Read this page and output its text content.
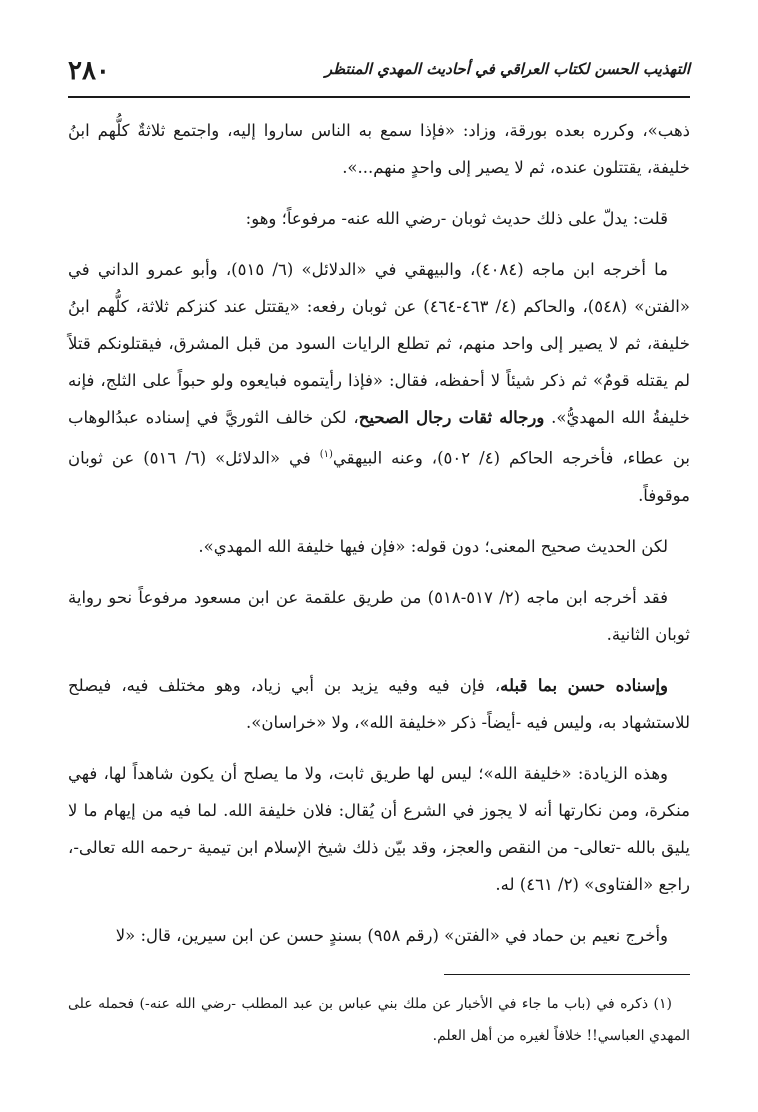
٢٨٠	التهذيب الحسن لكتاب العراقي في أحاديث المهدي المنتظر

ذهب»، وكرره بعده بورقة، وزاد: «فإذا سمع به الناس ساروا إليه، واجتمع ثلاثةٌ كلُّهم ابنُ خليفة، يقتتلون عنده، ثم لا يصير إلى واحدٍ منهم...».

قلت: يدلّ على ذلك حديث ثوبان -رضي الله عنه- مرفوعاً؛ وهو:

ما أخرجه ابن ماجه (٤٠٨٤)، والبيهقي في «الدلائل» (٦/ ٥١٥)، وأبو عمرو الداني في «الفتن» (٥٤٨)، والحاكم (٤/ ٤٦٣-٤٦٤) عن ثوبان رفعه: «يقتتل عند كنزكم ثلاثة، كلُّهم ابنُ خليفة، ثم لا يصير إلى واحد منهم، ثم تطلع الرايات السود من قبل المشرق، فيقتلونكم قتلاً لم يقتله قومٌ» ثم ذكر شيئاً لا أحفظه، فقال: «فإذا رأيتموه فبايعوه ولو حبواً على الثلج، فإنه خليفةُ الله المهديُّ». ورجاله ثقات رجال الصحيح، لكن خالف الثوريَّ في إسناده عبدُالوهاب بن عطاء، فأخرجه الحاكم (٤/ ٥٠٢)، وعنه البيهقي$^{(١)}$ في «الدلائل» (٦/ ٥١٦) عن ثوبان موقوفاً.

لكن الحديث صحيح المعنى؛ دون قوله: «فإن فيها خليفة الله المهدي».

فقد أخرجه ابن ماجه (٢/ ٥١٧-٥١٨) من طريق علقمة عن ابن مسعود مرفوعاً نحو رواية ثوبان الثانية.

وإسناده حسن بما قبله، فإن فيه وفيه يزيد بن أبي زياد، وهو مختلف فيه، فيصلح للاستشهاد به، وليس فيه -أيضاً- ذكر «خليفة الله»، ولا «خراسان».

وهذه الزيادة: «خليفة الله»؛ ليس لها طريق ثابت، ولا ما يصلح أن يكون شاهداً لها، فهي منكرة، ومن نكارتها أنه لا يجوز في الشرع أن يُقال: فلان خليفة الله. لما فيه من إيهام ما لا يليق بالله -تعالى- من النقص والعجز، وقد بيّن ذلك شيخ الإسلام ابن تيمية -رحمه الله تعالى-، راجع «الفتاوى» (٢/ ٤٦١) له.

وأخرج نعيم بن حماد في «الفتن» (رقم ٩٥٨) بسندٍ حسن عن ابن سيرين، قال: «لا

(١) ذكره في (باب ما جاء في الأخبار عن ملك بني عباس بن عبد المطلب -رضي الله عنه-) فحمله على المهدي العباسي!! خلافاً لغيره من أهل العلم.
